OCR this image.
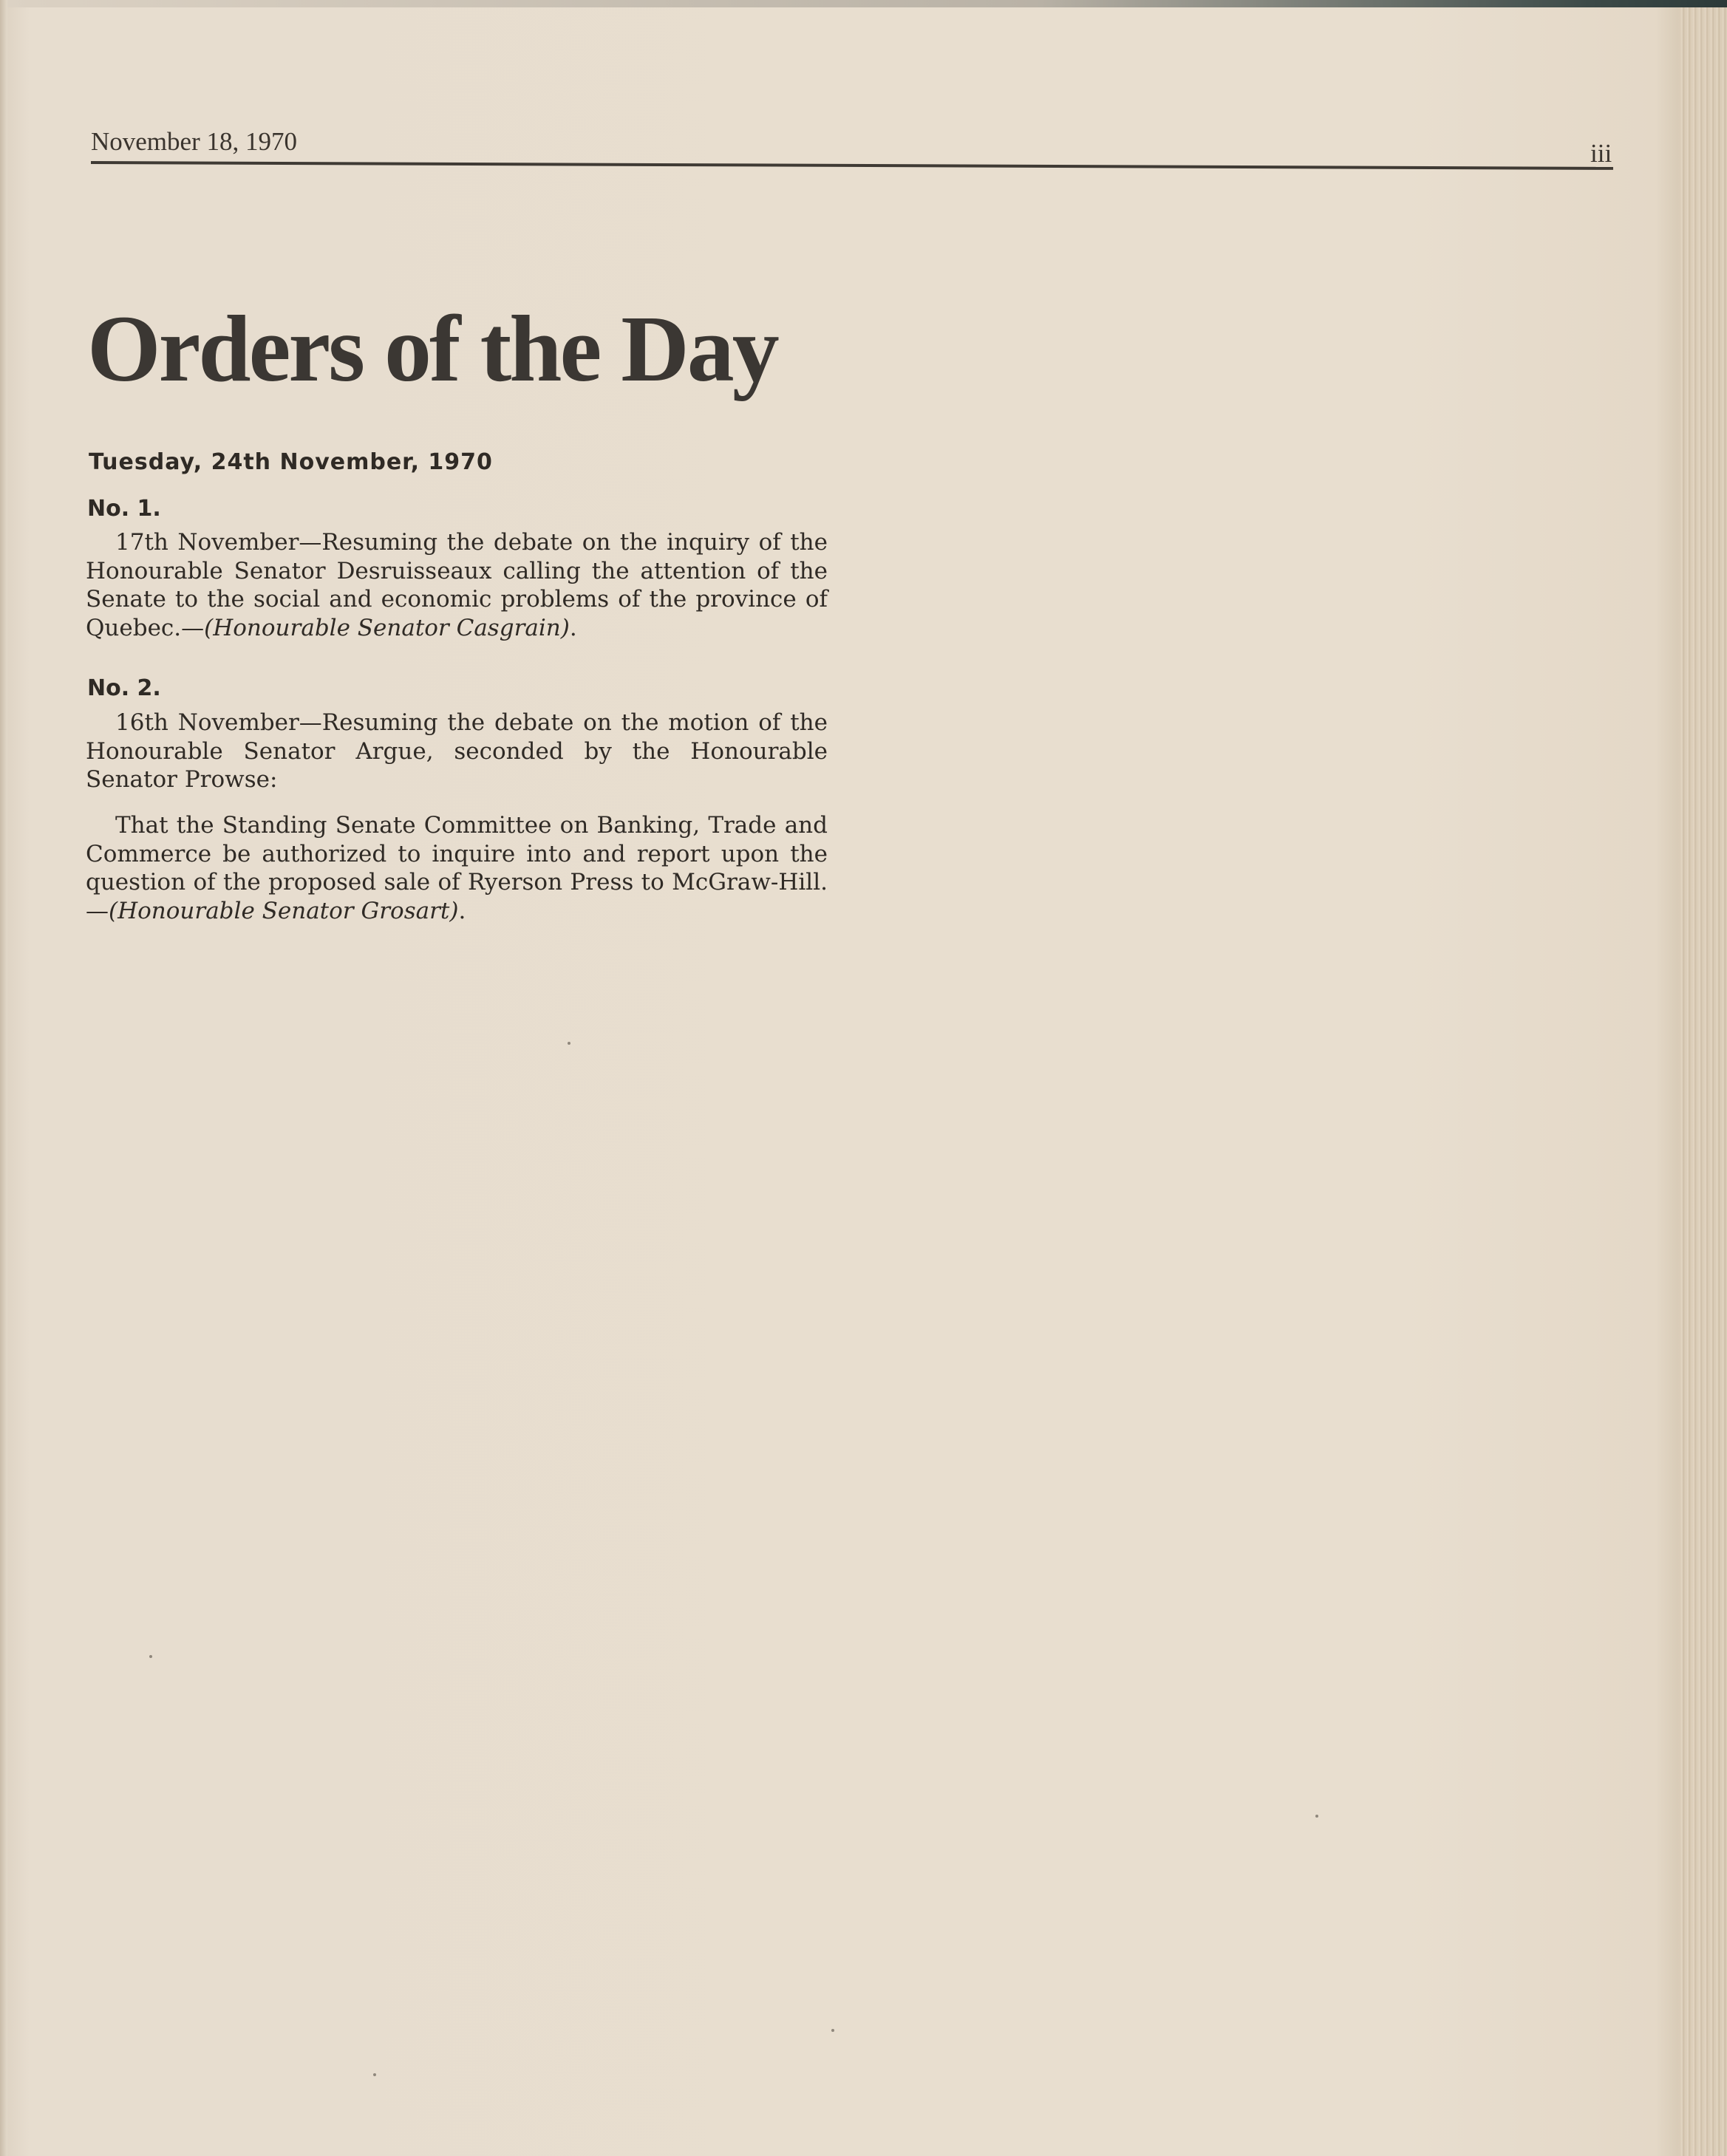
November 18, 1970	iii
Orders of the Day
Tuesday, 24th November, 1970
No. 1.

17th November—Resuming the debate on the inquiry of the Honourable Senator Desruisseaux calling the attention of the Senate to the social and economic problems of the province of Quebec.—(Honourable Senator Casgrain).

No. 2.

16th November—Resuming the debate on the motion of the Honourable Senator Argue, seconded by the Honourable Senator Prowse:

That the Standing Senate Committee on Banking, Trade and Commerce be authorized to inquire into and report upon the question of the proposed sale of Ryerson Press to McGraw-Hill.—(Honourable Senator Grosart).
